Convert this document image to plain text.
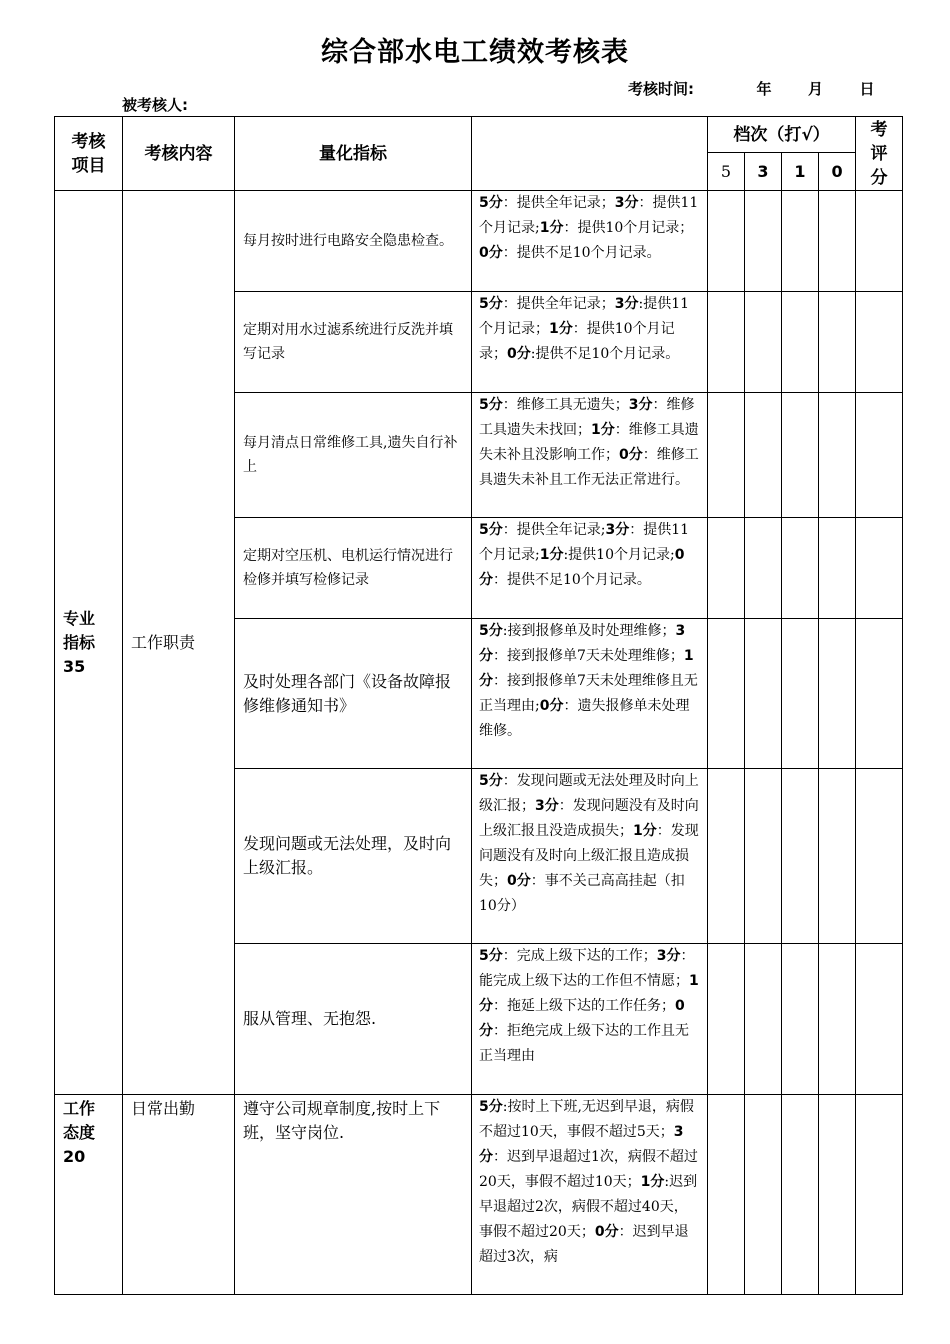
综合部水电工绩效考核表
考核时间:	年 月 日
被考核人:
考核项目	考核内容	量化指标		档次（打√）				考评分

				5	3	1	0	

专业指标35	工作职责	每月按时进行电路安全隐患检查。	5分：提供全年记录；3分：提供11个月记录;1分：提供10个月记录；0分：提供不足10个月记录。					
		定期对用水过滤系统进行反洗并填写记录	5分：提供全年记录；3分:提供11个月记录；1分：提供10个月记录；0分:提供不足10个月记录。					
		每月清点日常维修工具,遗失自行补上	5分：维修工具无遗失；3分：维修工具遗失未找回；1分：维修工具遗失未补且没影响工作；0分：维修工具遗失未补且工作无法正常进行。					
		定期对空压机、电机运行情况进行检修并填写检修记录	5分：提供全年记录;3分：提供11个月记录;1分:提供10个月记录;0分：提供不足10个月记录。					
		及时处理各部门《设备故障报修维修通知书》	5分:接到报修单及时处理维修；3分：接到报修单7天未处理维修；1分：接到报修单7天未处理维修且无正当理由;0分：遗失报修单未处理维修。					
		发现问题或无法处理，及时向上级汇报。	5分：发现问题或无法处理及时向上级汇报；3分：发现问题没有及时向上级汇报且没造成损失；1分：发现问题没有及时向上级汇报且造成损失；0分：事不关己高高挂起（扣10分）					
		服从管理、无抱怨.	5分：完成上级下达的工作；3分：能完成上级下达的工作但不情愿；1分：拖延上级下达的工作任务；0分：拒绝完成上级下达的工作且无正当理由					

工作态度20	日常出勤	遵守公司规章制度,按时上下班，坚守岗位.	5分:按时上下班,无迟到早退，病假不超过10天，事假不超过5天；3分：迟到早退超过1次，病假不超过20天，事假不超过10天；1分:迟到早退超过2次，病假不超过40天，事假不超过20天；0分：迟到早退超过3次，病					
